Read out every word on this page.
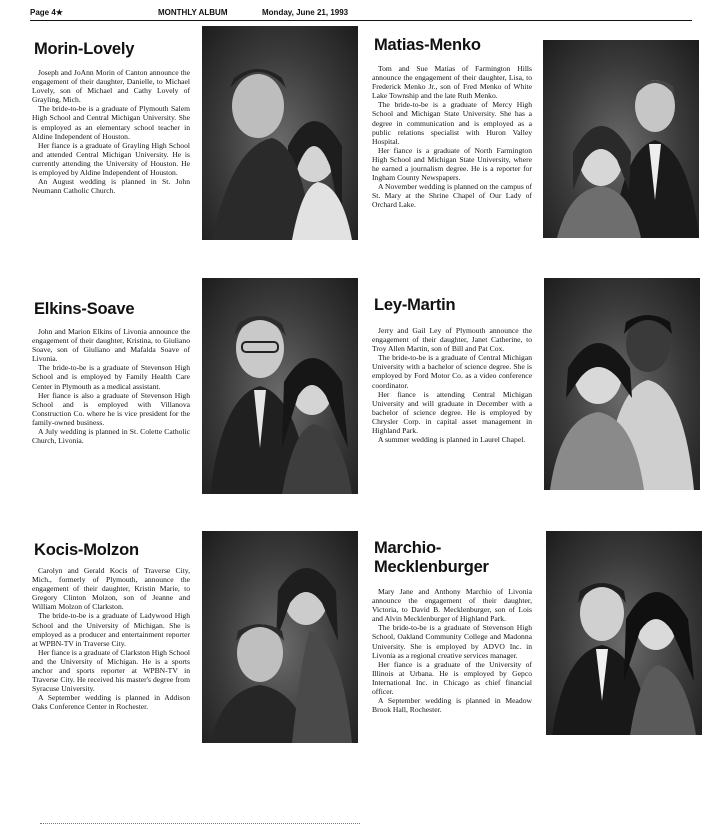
Page 4★	MONTHLY ALBUM	Monday, June 21, 1993
Morin-Lovely

Joseph and JoAnn Morin of Canton announce the engagement of their daughter, Danielle, to Michael Lovely, son of Michael and Cathy Lovely of Grayling, Mich.

The bride-to-be is a graduate of Plymouth Salem High School and Central Michigan University. She is employed as an elementary school teacher in Aldine Independent of Houston.

Her fiance is a graduate of Grayling High School and attended Central Michigan University. He is currently attending the University of Houston. He is employed by Aldine Independent of Houston.

An August wedding is planned in St. John Neumann Catholic Church.

Matias-Menko

Tom and Sue Matias of Farmington Hills announce the engagement of their daughter, Lisa, to Frederick Menko Jr., son of Fred Menko of White Lake Township and the late Ruth Menko.

The bride-to-be is a graduate of Mercy High School and Michigan State University. She has a degree in communication and is employed as a public relations specialist with Huron Valley Hospital.

Her fiance is a graduate of North Farmington High School and Michigan State University, where he earned a journalism degree. He is a reporter for Ingham County Newspapers.

A November wedding is planned on the campus of St. Mary at the Shrine Chapel of Our Lady of Orchard Lake.

Elkins-Soave

John and Marion Elkins of Livonia announce the engagement of their daughter, Kristina, to Giuliano Soave, son of Giuliano and Mafalda Soave of Livonia.

The bride-to-be is a graduate of Stevenson High School and is employed by Family Health Care Center in Plymouth as a medical assistant.

Her fiance is also a graduate of Stevenson High School and is employed with Villanova Construction Co. where he is vice president for the family-owned business.

A July wedding is planned in St. Colette Catholic Church, Livonia.

Ley-Martin

Jerry and Gail Ley of Plymouth announce the engagement of their daughter, Janet Catherine, to Troy Allen Martin, son of Bill and Pat Cox.

The bride-to-be is a graduate of Central Michigan University with a bachelor of science degree. She is employed by Ford Motor Co. as a video conference coordinator.

Her fiance is attending Central Michigan University and will graduate in December with a bachelor of science degree. He is employed by Chrysler Corp. in capital asset management in Highland Park.

A summer wedding is planned in Laurel Chapel.

Kocis-Molzon

Carolyn and Gerald Kocis of Traverse City, Mich., formerly of Plymouth, announce the engagement of their daughter, Kristin Marie, to Gregory Clinton Molzon, son of Jeanne and William Molzon of Clarkston.

The bride-to-be is a graduate of Ladywood High School and the University of Michigan. She is employed as a producer and entertainment reporter at WPBN-TV in Traverse City.

Her fiance is a graduate of Clarkston High School and the University of Michigan. He is a sports anchor and sports reporter at WPBN-TV in Traverse City. He received his master's degree from Syracuse University.

A September wedding is planned in Addison Oaks Conference Center in Rochester.

Marchio-Mecklenburger

Mary Jane and Anthony Marchio of Livonia announce the engagement of their daughter, Victoria, to David B. Mecklenburger, son of Lois and Alvin Mecklenburger of Highland Park.

The bride-to-be is a graduate of Stevenson High School, Oakland Community College and Madonna University. She is employed by ADVO Inc. in Livonia as a regional creative services manager.

Her fiance is a graduate of the University of Illinois at Urbana. He is employed by Gepco International Inc. in Chicago as chief financial officer.

A September wedding is planned in Meadow Brook Hall, Rochester.
